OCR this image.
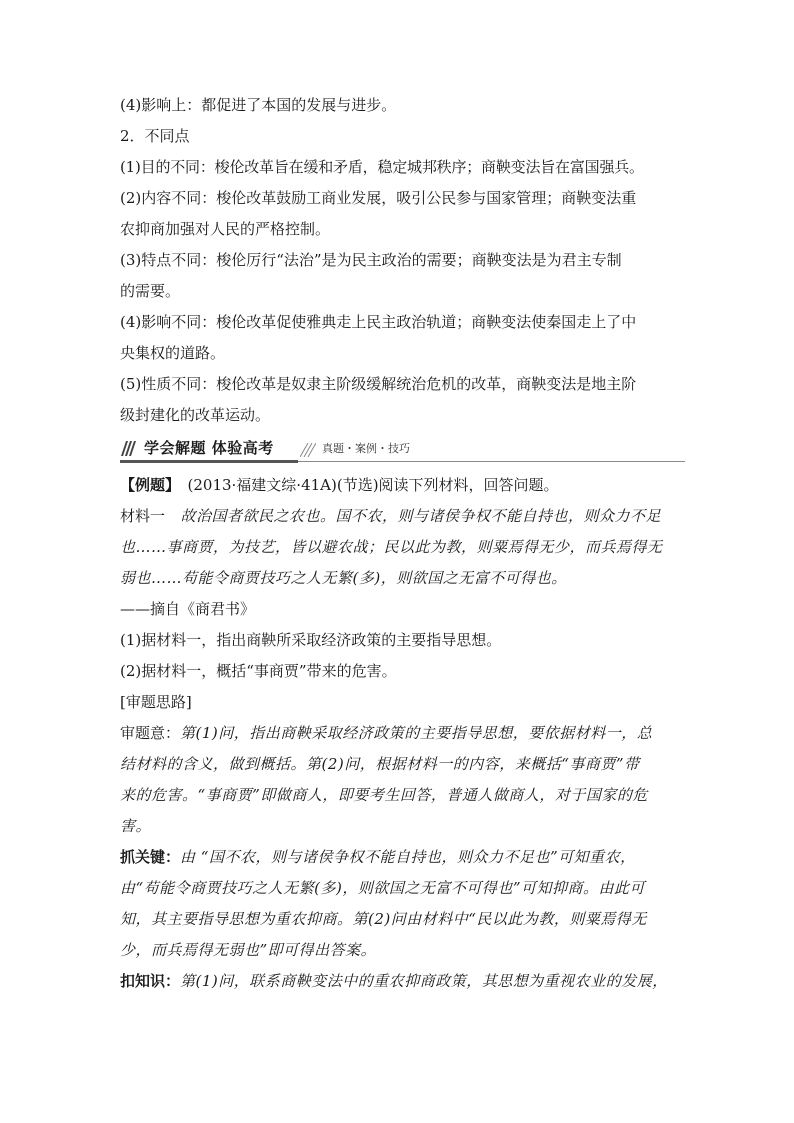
(4)影响上：都促进了本国的发展与进步。

2．不同点

(1)目的不同：梭伦改革旨在缓和矛盾，稳定城邦秩序；商鞅变法旨在富国强兵。

(2)内容不同：梭伦改革鼓励工商业发展，吸引公民参与国家管理；商鞅变法重

农抑商加强对人民的严格控制。

(3)特点不同：梭伦厉行“法治”是为民主政治的需要；商鞅变法是为君主专制

的需要。

(4)影响不同：梭伦改革促使雅典走上民主政治轨道；商鞅变法使秦国走上了中

央集权的道路。

(5)性质不同：梭伦改革是奴隶主阶级缓解统治危机的改革，商鞅变法是地主阶

级封建化的改革运动。

学会解题 体验高考	真题・案例・技巧

【例题】　(2013·福建文综·41A)(节选)阅读下列材料，回答问题。

材料一　故治国者欲民之农也。国不农，则与诸侯争权不能自持也，则众力不足

也……事商贾，为技艺，皆以避农战；民以此为教，则粟焉得无少，而兵焉得无

弱也……苟能令商贾技巧之人无繁(多)，则欲国之无富不可得也。

——摘自《商君书》

(1)据材料一，指出商鞅所采取经济政策的主要指导思想。

(2)据材料一，概括“事商贾”带来的危害。

[审题思路]

审题意：第(1)问，指出商鞅采取经济政策的主要指导思想，要依据材料一，总

结材料的含义，做到概括。第(2)问，根据材料一的内容，来概括“事商贾”带

来的危害。“事商贾”即做商人，即要考生回答，普通人做商人，对于国家的危

害。

抓关键：由 “国不农，则与诸侯争权不能自持也，则众力不足也”可知重农，

由“苟能令商贾技巧之人无繁(多)，则欲国之无富不可得也”可知抑商。由此可

知，其主要指导思想为重农抑商。第(2)问由材料中“民以此为教，则粟焉得无

少，而兵焉得无弱也”即可得出答案。

扣知识：第(1)问，联系商鞅变法中的重农抑商政策，其思想为重视农业的发展，
